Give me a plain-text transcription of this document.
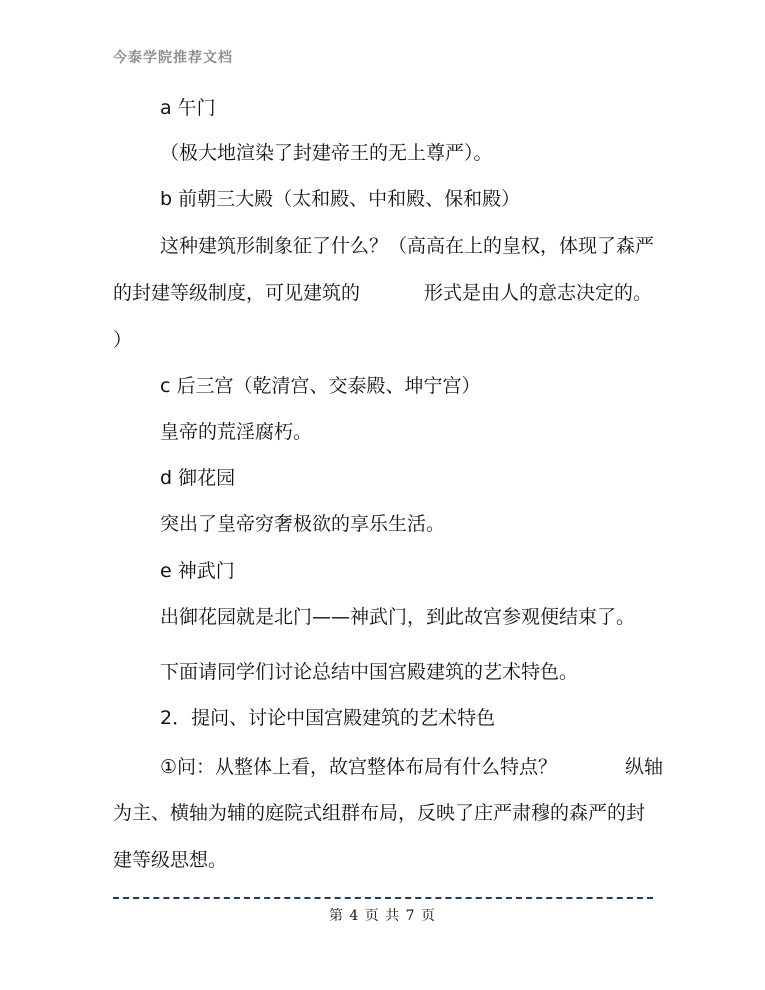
今泰学院推荐文档
a 午门
（极大地渲染了封建帝王的无上尊严）。
b 前朝三大殿（太和殿、中和殿、保和殿）
这种建筑形制象征了什么？（高高在上的皇权，体现了森严
的封建等级制度，可见建筑的	形式是由人的意志决定的。
）
c 后三宫（乾清宫、交泰殿、坤宁宫）
皇帝的荒淫腐朽。
d 御花园
突出了皇帝穷奢极欲的享乐生活。
e 神武门
出御花园就是北门——神武门，到此故宫参观便结束了。
下面请同学们讨论总结中国宫殿建筑的艺术特色。
2．提问、讨论中国宫殿建筑的艺术特色
①问：从整体上看，故宫整体布局有什么特点？	纵轴
为主、横轴为辅的庭院式组群布局，反映了庄严肃穆的森严的封
建等级思想。
第 4 页 共 7 页
